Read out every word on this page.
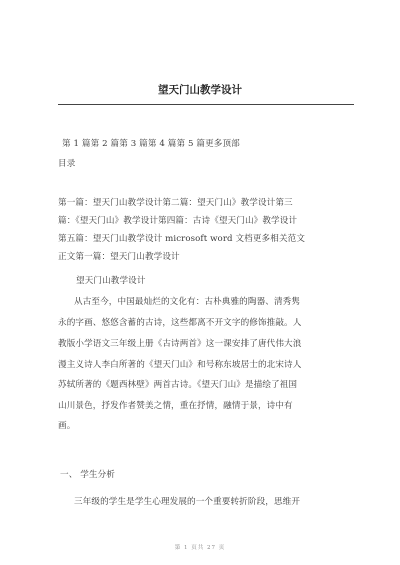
望天门山教学设计
第 1 篇第 2 篇第 3 篇第 4 篇第 5 篇更多顶部
目录
第一篇：望天门山教学设计第二篇：望天门山》教学设计第三
篇：《望天门山》教学设计第四篇：古诗《望天门山》教学设计
第五篇：望天门山教学设计 microsoft word 文档更多相关范文
正文第一篇：望天门山教学设计
望天门山教学设计
从古至今，中国最灿烂的文化有：古朴典雅的陶器、清秀隽
永的字画、悠悠含蓄的古诗，这些都离不开文字的修饰推敲。人
教版小学语文三年级上册《古诗两首》这一课安排了唐代伟大浪
漫主义诗人李白所著的《望天门山》和号称东坡居士的北宋诗人
苏轼所著的《题西林壁》两首古诗。《望天门山》是描绘了祖国
山川景色，抒发作者赞美之情，重在抒情，融情于景，诗中有
画。
一、 学生分析
三年级的学生是学生心理发展的一个重要转折阶段，思维开
第 1 页共 27 页
